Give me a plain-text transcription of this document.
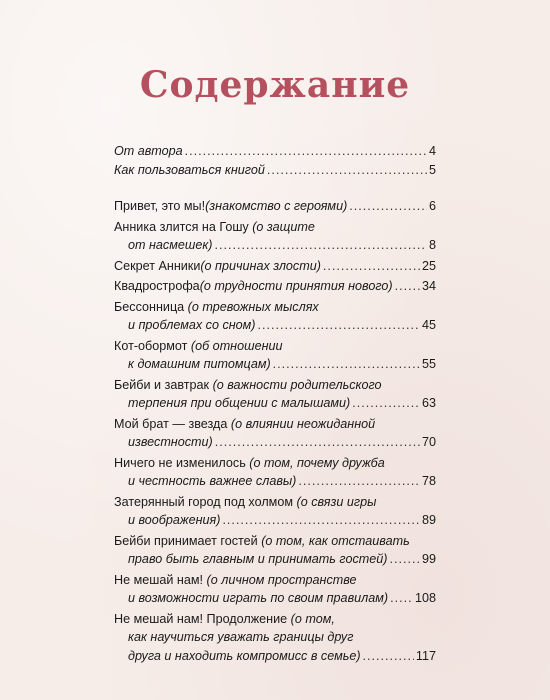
Содержание
От автора .....	4
Как пользоваться книгой .....	5
Привет, это мы! (знакомство с героями) .....	6
Анника злится на Гошу (о защите
от насмешек) .....	8
Секрет Анники (о причинах злости) .....	25
Квадрострофа (о трудности принятия нового) ..... 34
Бессонница (о тревожных мыслях
и проблемах со сном) .....	45
Кот-обормот (об отношении
к домашним питомцам) .....	55
Бейби и завтрак (о важности родительского
терпения при общении с малышами) .....	63
Мой брат — звезда (о влиянии неожиданной
известности) .....	70
Ничего не изменилось (о том, почему дружба
и честность важнее славы) .....	78
Затерянный город под холмом (о связи игры
и воображения) .....	89
Бейби принимает гостей (о том, как отстаивать
право быть главным и принимать гостей) .....	99
Не мешай нам! (о личном пространстве
и возможности играть по своим правилам) ..... 108
Не мешай нам! Продолжение (о том,
как научиться уважать границы друг
друга и находить компромисс в семье) .....	117
